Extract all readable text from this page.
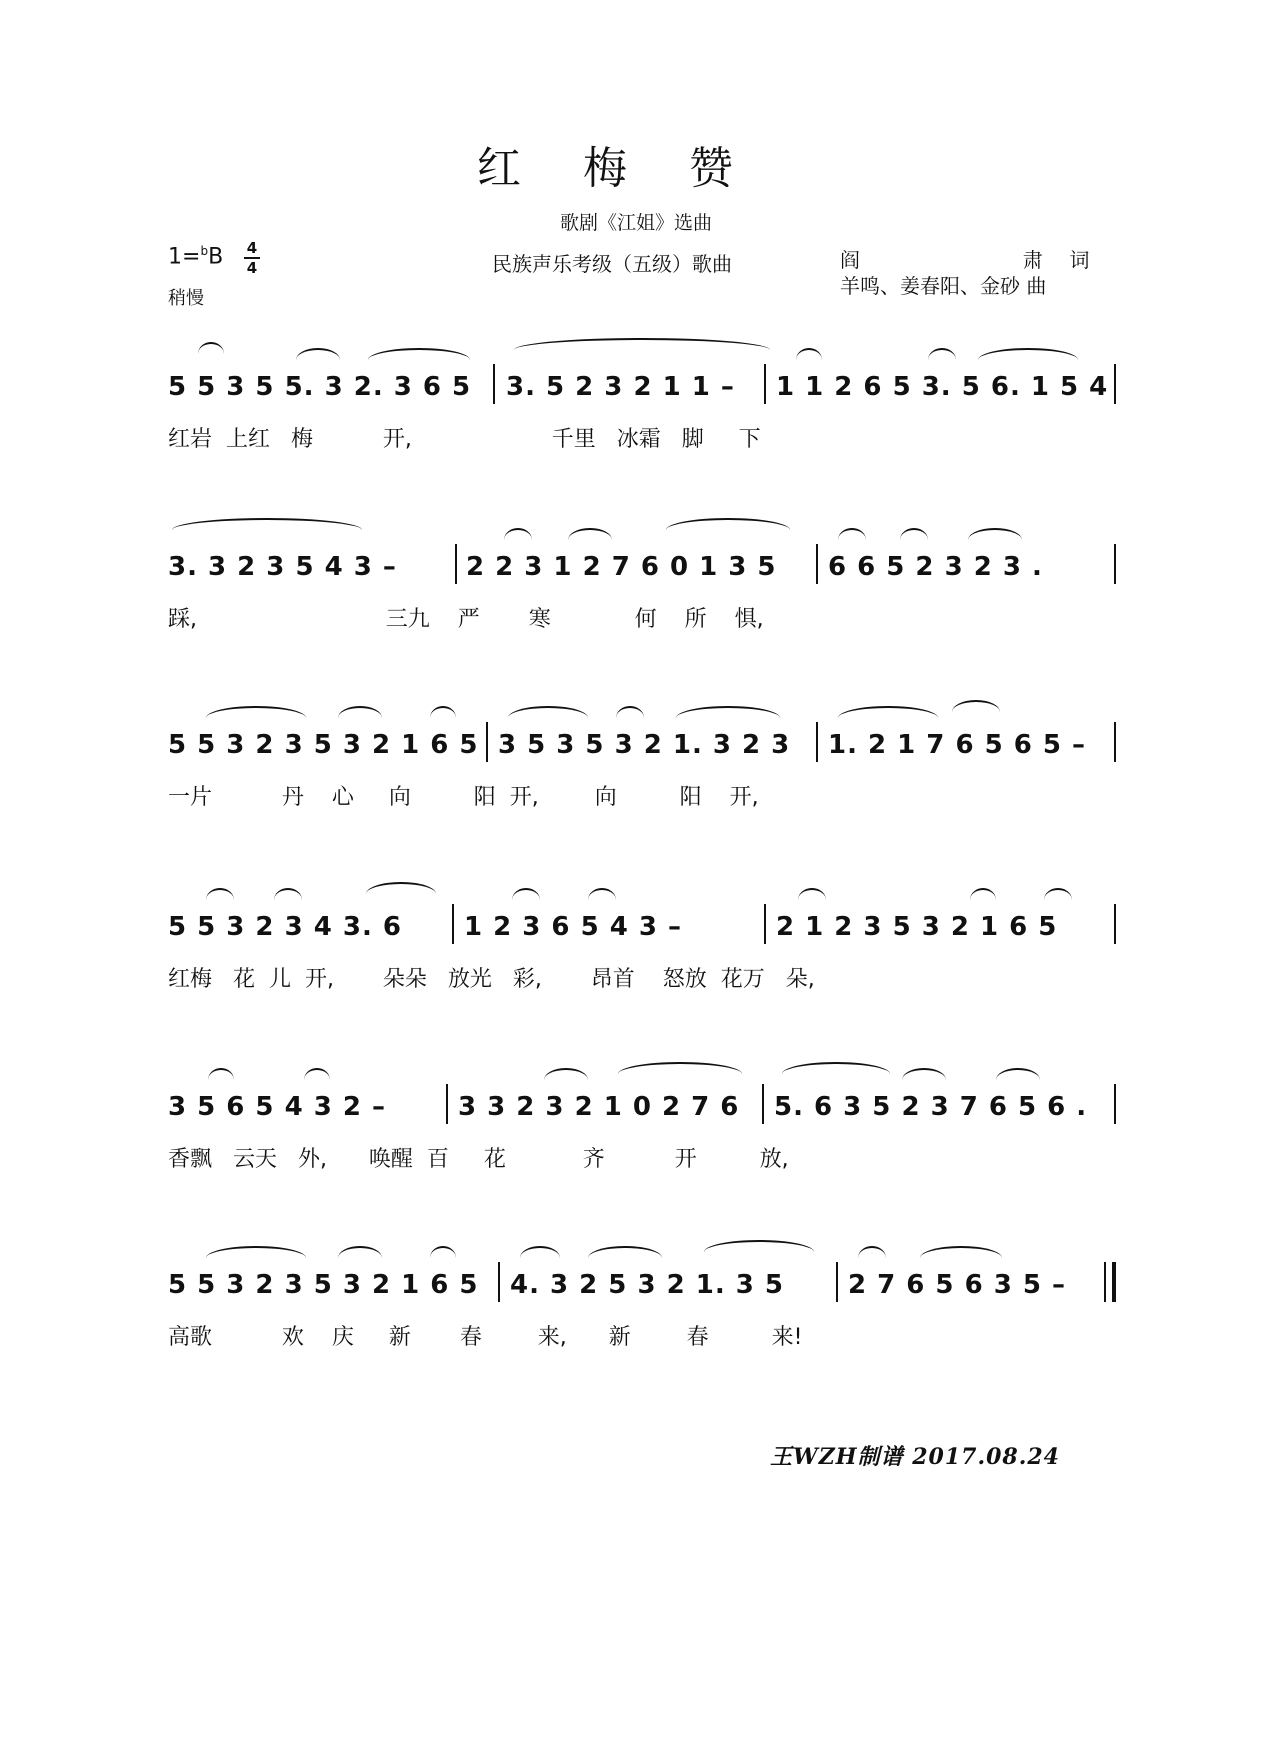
红梅赞
歌剧《江姐》选曲
1=$^b$B 4
4
稍慢
民族声乐考级（五级）歌曲	阎	肃 词
羊鸣、姜春阳、金砂 曲
5 5 3 5 5. 3 2. 3 6 5 3. 5 2 3 2 1 1 – 1 1 2 6 5 3. 5 6. 1 5 4
红岩  上红   梅          开,                    千里   冰霜   脚     下
3. 3 2 3 5 4 3 –	2 2 3 1 2 7 6 0 1 3 5 6 6 5 2 3 2 3 .
踩,                           三九    严       寒            何    所    惧,
5 5 3 2 3 5 3 2 1 6 5 3 5 3 5 3 2 1. 3 2 3 1. 2 1 7 6 5 6 5 –
一片          丹    心     向         阳  开,        向         阳    开,
5 5 3 2 3 4 3. 6 1 2 3 6 5 4 3 –	2 1 2 3 5 3 2 1 6 5
红梅   花  儿  开,       朵朵   放光   彩,       昂首    怒放  花万   朵,
3 5 6 5 4 3 2 –	3 3 2 3 2 1 0 2 7 6 5. 6 3 5 2 3 7 6 5 6 .
香飘   云天   外,      唤醒  百     花           齐          开         放,
5 5 3 2 3 5 3 2 1 6 5 4. 3 2 5 3 2 1. 3 5 2 7 6 5 6 3 5 –
高歌          欢    庆     新       春        来,      新        春         来!
王WZH制谱 2017.08.24
